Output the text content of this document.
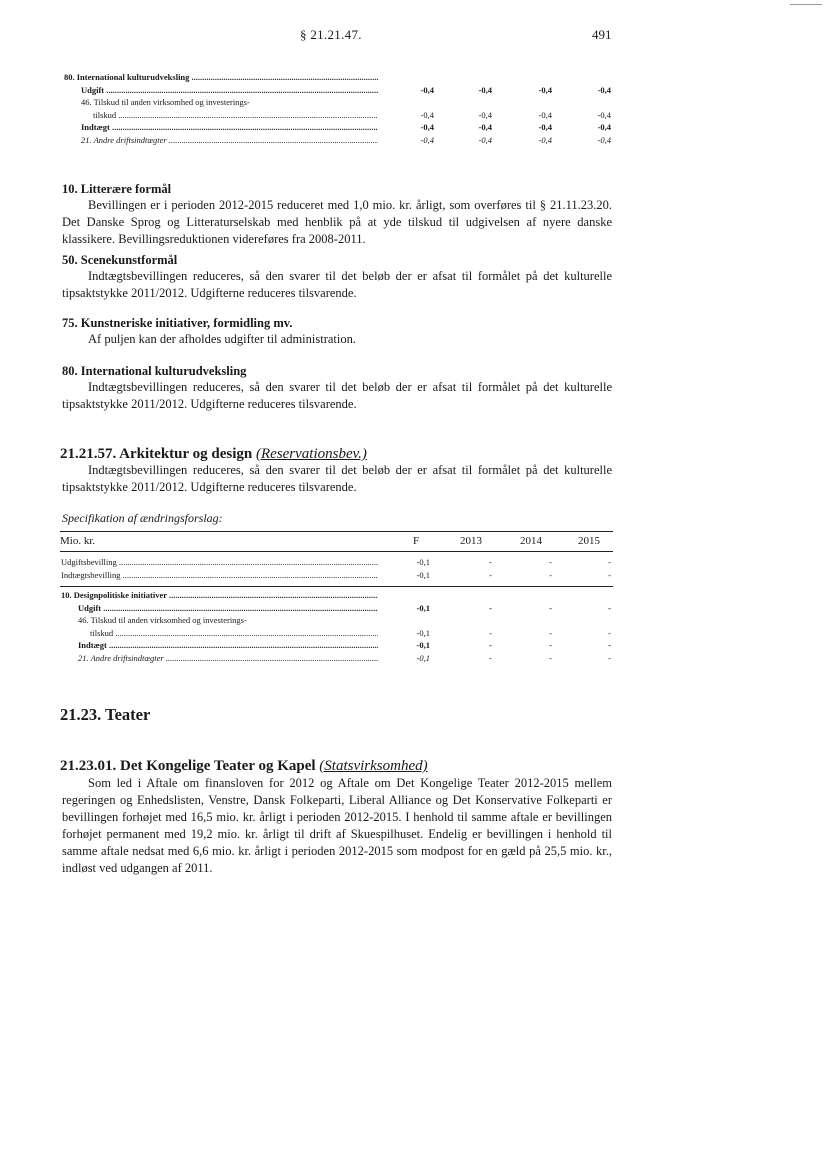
§ 21.21.47.	491
80. International kulturudveksling .....
Udgift .....	-0,4	-0,4	-0,4	-0,4
46. Tilskud til anden virksomhed og investerings-
tilskud .....	-0,4	-0,4	-0,4	-0,4
Indtægt .....	-0,4	-0,4	-0,4	-0,4
21. Andre driftsindtægter .....	-0,4	-0,4	-0,4	-0,4
10. Litterære formål
Bevillingen er i perioden 2012-2015 reduceret med 1,0 mio. kr. årligt, som overføres til § 21.11.23.20. Det Danske Sprog og Litteraturselskab med henblik på at yde tilskud til udgivelsen af nyere danske klassikere. Bevillingsreduktionen videreføres fra 2008-2011.
50. Scenekunstformål
Indtægtsbevillingen reduceres, så den svarer til det beløb der er afsat til formålet på det kulturelle tipsaktstykke 2011/2012. Udgifterne reduceres tilsvarende.
75. Kunstneriske initiativer, formidling mv.
Af puljen kan der afholdes udgifter til administration.
80. International kulturudveksling
Indtægtsbevillingen reduceres, så den svarer til det beløb der er afsat til formålet på det kulturelle tipsaktstykke 2011/2012. Udgifterne reduceres tilsvarende.
21.21.57. Arkitektur og design (Reservationsbev.)
Indtægtsbevillingen reduceres, så den svarer til det beløb der er afsat til formålet på det kulturelle tipsaktstykke 2011/2012. Udgifterne reduceres tilsvarende.
Specifikation af ændringsforslag:
Mio. kr.	F	2013	2014	2015
Udgiftsbevilling .....	-0,1	-	-	-
Indtægtsbevilling .....	-0,1	-	-	-
10. Designpolitiske initiativer .....
Udgift .....	-0,1	-	-	-
46. Tilskud til anden virksomhed og investerings-
tilskud .....	-0,1	-	-	-
Indtægt .....	-0,1	-	-	-
21. Andre driftsindtægter .....	-0,1	-	-	-
21.23. Teater
21.23.01. Det Kongelige Teater og Kapel (Statsvirksomhed)
Som led i Aftale om finansloven for 2012 og Aftale om Det Kongelige Teater 2012-2015 mellem regeringen og Enhedslisten, Venstre, Dansk Folkeparti, Liberal Alliance og Det Konservative Folkeparti er bevillingen forhøjet med 16,5 mio. kr. årligt i perioden 2012-2015. I henhold til samme aftale er bevillingen forhøjet permanent med 19,2 mio. kr. årligt til drift af Skuespilhuset. Endelig er bevillingen i henhold til samme aftale nedsat med 6,6 mio. kr. årligt i perioden 2012-2015 som modpost for en gæld på 25,5 mio. kr., indløst ved udgangen af 2011.
